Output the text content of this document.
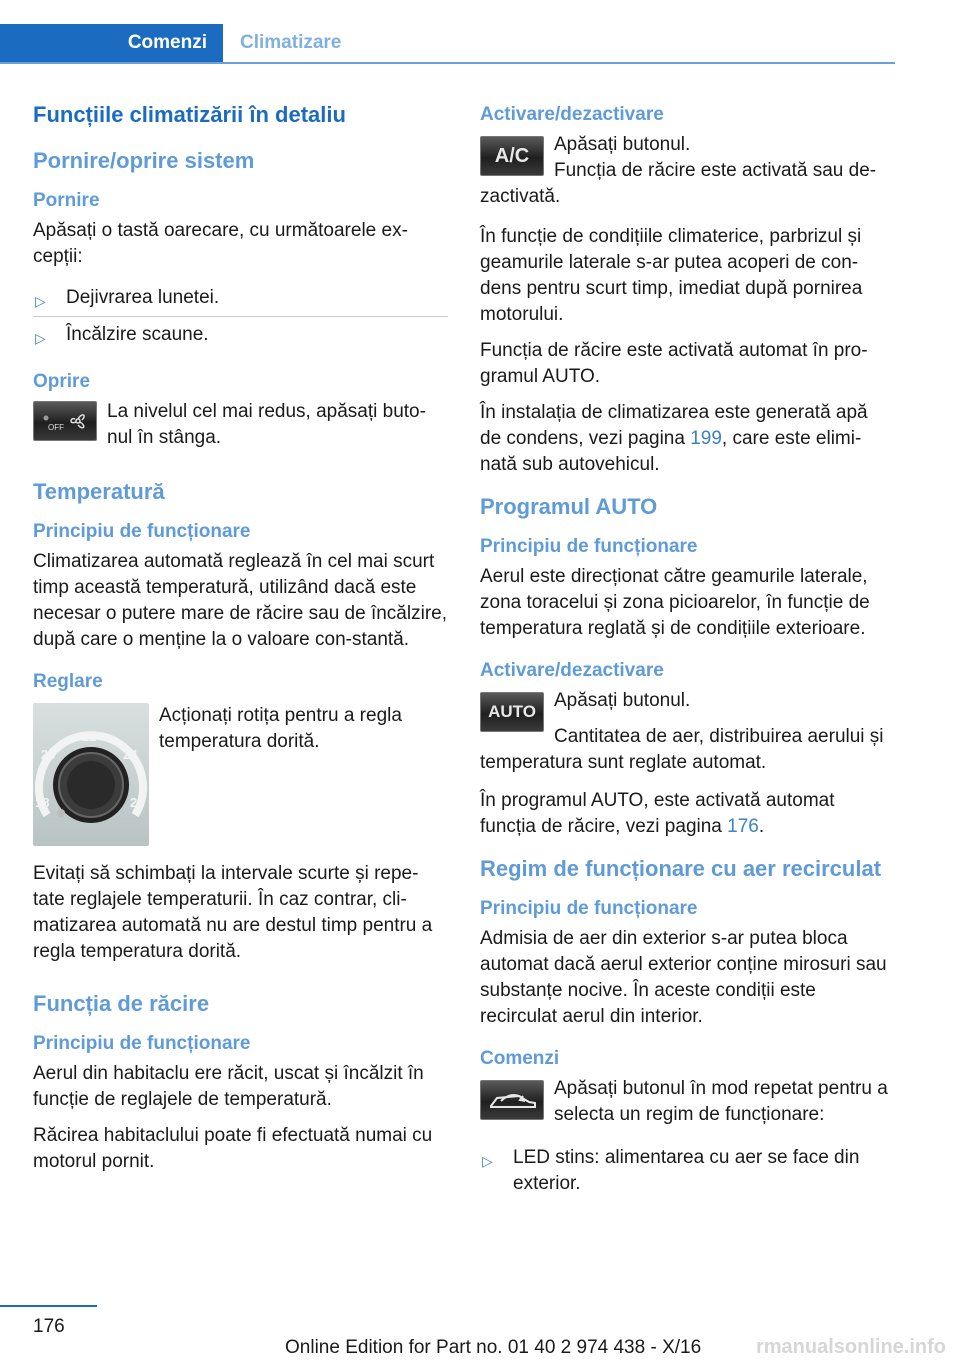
Comenzi	Climatizare
Funcțiile climatizării în detaliu
Pornire/oprire sistem
Pornire

Apăsați o tastă oarecare, cu următoarele ex-cepții:

▷ Dejivrarea lunetei.
▷ Încălzire scaune.
Oprire
OFF

La nivelul cel mai redus, apăsați buto-nul în stânga.

Temperatură
Principiu de funcționare

Climatizarea automată reglează în cel mai scurt timp această temperatură, utilizând dacă este necesar o putere mare de răcire sau de încălzire, după care o menține la o valoare con-stantă.

Reglare
20
22
24
18	26

Acționați rotița pentru a regla temperatura dorită.

Evitați să schimbați la intervale scurte și repe-tate reglajele temperaturii. În caz contrar, cli-matizarea automată nu are destul timp pentru a regla temperatura dorită.

Funcția de răcire
Principiu de funcționare

Aerul din habitaclu ere răcit, uscat și încălzit în funcție de reglajele de temperatură.

Răcirea habitaclului poate fi efectuată numai cu motorul pornit.

Activare/dezactivare
A/C

Apăsați butonul.

Funcția de răcire este activată sau de-zactivată.

În funcție de condițiile climaterice, parbrizul și geamurile laterale s-ar putea acoperi de con-dens pentru scurt timp, imediat după pornirea motorului.

Funcția de răcire este activată automat în pro-gramul AUTO.

În instalația de climatizarea este generată apă de condens, vezi pagina 199, care este elimi-nată sub autovehicul.

Programul AUTO
Principiu de funcționare

Aerul este direcționat către geamurile laterale, zona toracelui și zona picioarelor, în funcție de temperatura reglată și de condițiile exterioare.

Activare/dezactivare
AUTO

Apăsați butonul.

Cantitatea de aer, distribuirea aerului și temperatura sunt reglate automat.

În programul AUTO, este activată automat funcția de răcire, vezi pagina 176.

Regim de funcționare cu aer recirculat
Principiu de funcționare

Admisia de aer din exterior s-ar putea bloca automat dacă aerul exterior conține mirosuri sau substanțe nocive. În aceste condiții este recirculat aerul din interior.

Comenzi

Apăsați butonul în mod repetat pentru a selecta un regim de funcționare:

▷ LED stins: alimentarea cu aer se face din exterior.
176
Online Edition for Part no. 01 40 2 974 438 - X/16	rmanualsonline.info
